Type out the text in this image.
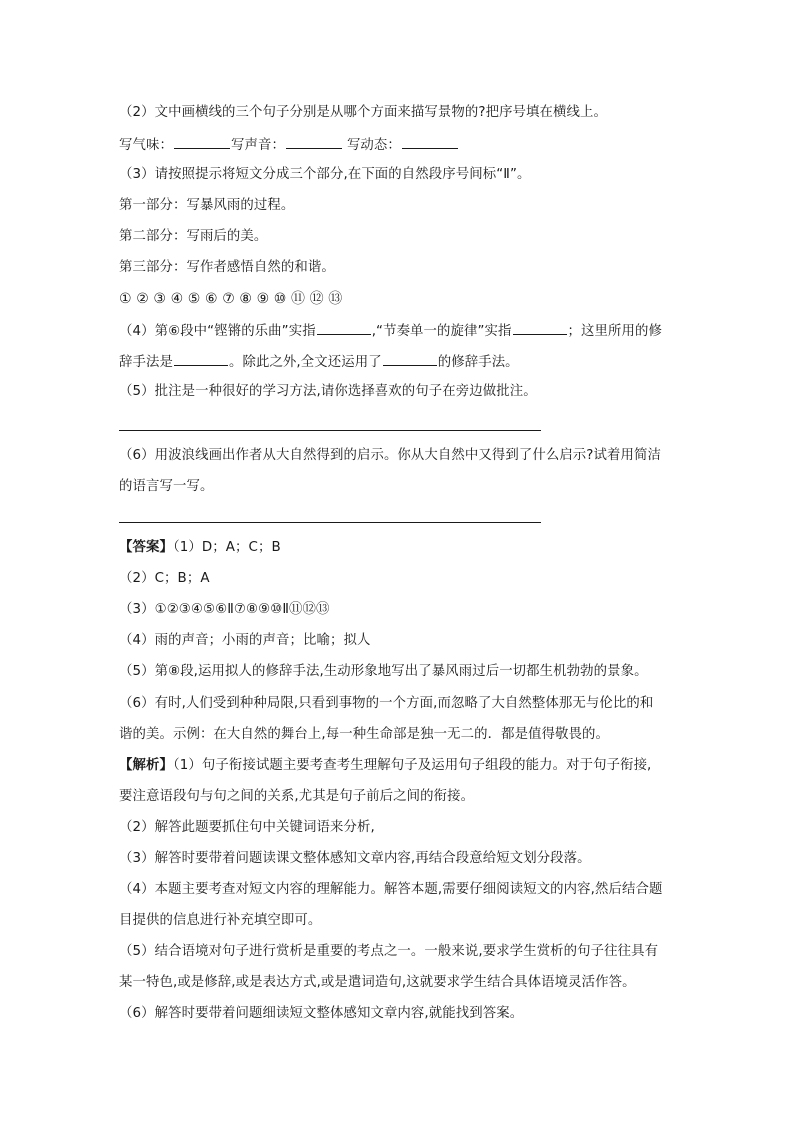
（2）文中画横线的三个句子分别是从哪个方面来描写景物的?把序号填在横线上。
写气味：	写声音：	写动态：
（3）请按照提示将短文分成三个部分,在下面的自然段序号间标“Ⅱ”。
第一部分：写暴风雨的过程。
第二部分：写雨后的美。
第三部分：写作者感悟自然的和谐。
① ② ③ ④ ⑤ ⑥ ⑦ ⑧ ⑨ ⑩ ⑪ ⑫ ⑬
（4）第⑥段中“铿锵的乐曲”实指	,“节奏单一的旋律”实指	；这里所用的修
辞手法是	。除此之外,全文还运用了	的修辞手法。
（5）批注是一种很好的学习方法,请你选择喜欢的句子在旁边做批注。
（6）用波浪线画出作者从大自然得到的启示。你从大自然中又得到了什么启示?试着用简洁
的语言写一写。
【答案】（1）D；A；C；B
（2）C；B；A
（3）①②③④⑤⑥Ⅱ⑦⑧⑨⑩Ⅱ⑪⑫⑬
（4）雨的声音；小雨的声音；比喻；拟人
（5）第⑧段,运用拟人的修辞手法,生动形象地写出了暴风雨过后一切都生机勃勃的景象。
（6）有时,人们受到种种局限,只看到事物的一个方面,而忽略了大自然整体那无与伦比的和
谐的美。示例：在大自然的舞台上,每一种生命部是独一无二的．都是值得敬畏的。
【解析】（1）句子衔接试题主要考查考生理解句子及运用句子组段的能力。对于句子衔接,
要注意语段句与句之间的关系,尤其是句子前后之间的衔接。
（2）解答此题要抓住句中关键词语来分析,
（3）解答时要带着问题读课文整体感知文章内容,再结合段意给短文划分段落。
（4）本题主要考查对短文内容的理解能力。解答本题,需要仔细阅读短文的内容,然后结合题
目提供的信息进行补充填空即可。
（5）结合语境对句子进行赏析是重要的考点之一。一般来说,要求学生赏析的句子往往具有
某一特色,或是修辞,或是表达方式,或是遣词造句,这就要求学生结合具体语境灵活作答。
（6）解答时要带着问题细读短文整体感知文章内容,就能找到答案。
